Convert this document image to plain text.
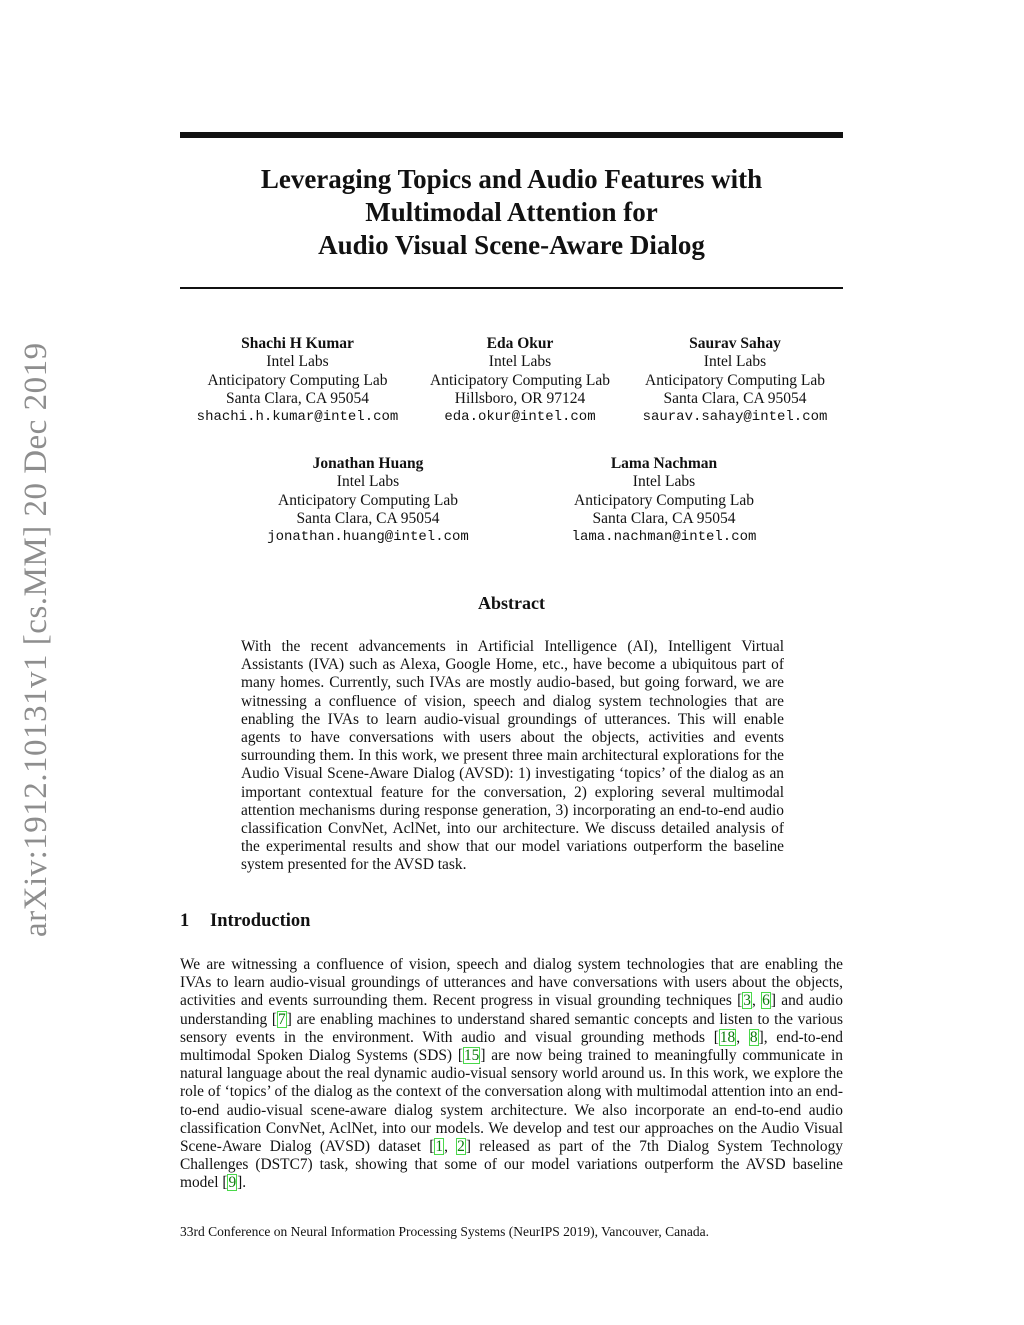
arXiv:1912.10131v1 [cs.MM] 20 Dec 2019
Leveraging Topics and Audio Features with
Multimodal Attention for
Audio Visual Scene-Aware Dialog
Shachi H Kumar
Intel Labs
Anticipatory Computing Lab
Santa Clara, CA 95054
shachi.h.kumar@intel.com
Eda Okur
Intel Labs
Anticipatory Computing Lab
Hillsboro, OR 97124
eda.okur@intel.com
Saurav Sahay
Intel Labs
Anticipatory Computing Lab
Santa Clara, CA 95054
saurav.sahay@intel.com
Jonathan Huang
Intel Labs
Anticipatory Computing Lab
Santa Clara, CA 95054
jonathan.huang@intel.com
Lama Nachman
Intel Labs
Anticipatory Computing Lab
Santa Clara, CA 95054
lama.nachman@intel.com
Abstract

With the recent advancements in Artificial Intelligence (AI), Intelligent Virtual Assistants (IVA) such as Alexa, Google Home, etc., have become a ubiquitous part of many homes. Currently, such IVAs are mostly audio-based, but going forward, we are witnessing a confluence of vision, speech and dialog system technologies that are enabling the IVAs to learn audio-visual groundings of utterances. This will enable agents to have conversations with users about the objects, activities and events surrounding them. In this work, we present three main architectural explorations for the Audio Visual Scene-Aware Dialog (AVSD): 1) investigating ‘topics’ of the dialog as an important contextual feature for the conversation, 2) exploring several multimodal attention mechanisms during response generation, 3) incorporating an end-to-end audio classification ConvNet, AclNet, into our architecture. We discuss detailed analysis of the experimental results and show that our model variations outperform the baseline system presented for the AVSD task.

1 Introduction

We are witnessing a confluence of vision, speech and dialog system technologies that are enabling the IVAs to learn audio-visual groundings of utterances and have conversations with users about the objects, activities and events surrounding them. Recent progress in visual grounding techniques [3, 6] and audio understanding [7] are enabling machines to understand shared semantic concepts and listen to the various sensory events in the environment. With audio and visual grounding methods [18, 8], end-to-end multimodal Spoken Dialog Systems (SDS) [15] are now being trained to meaningfully communicate in natural language about the real dynamic audio-visual sensory world around us. In this work, we explore the role of ‘topics’ of the dialog as the context of the conversation along with multimodal attention into an end-to-end audio-visual scene-aware dialog system architecture. We also incorporate an end-to-end audio classification ConvNet, AclNet, into our models. We develop and test our approaches on the Audio Visual Scene-Aware Dialog (AVSD) dataset [1, 2] released as part of the 7th Dialog System Technology Challenges (DSTC7) task, showing that some of our model variations outperform the AVSD baseline model [9].

33rd Conference on Neural Information Processing Systems (NeurIPS 2019), Vancouver, Canada.
